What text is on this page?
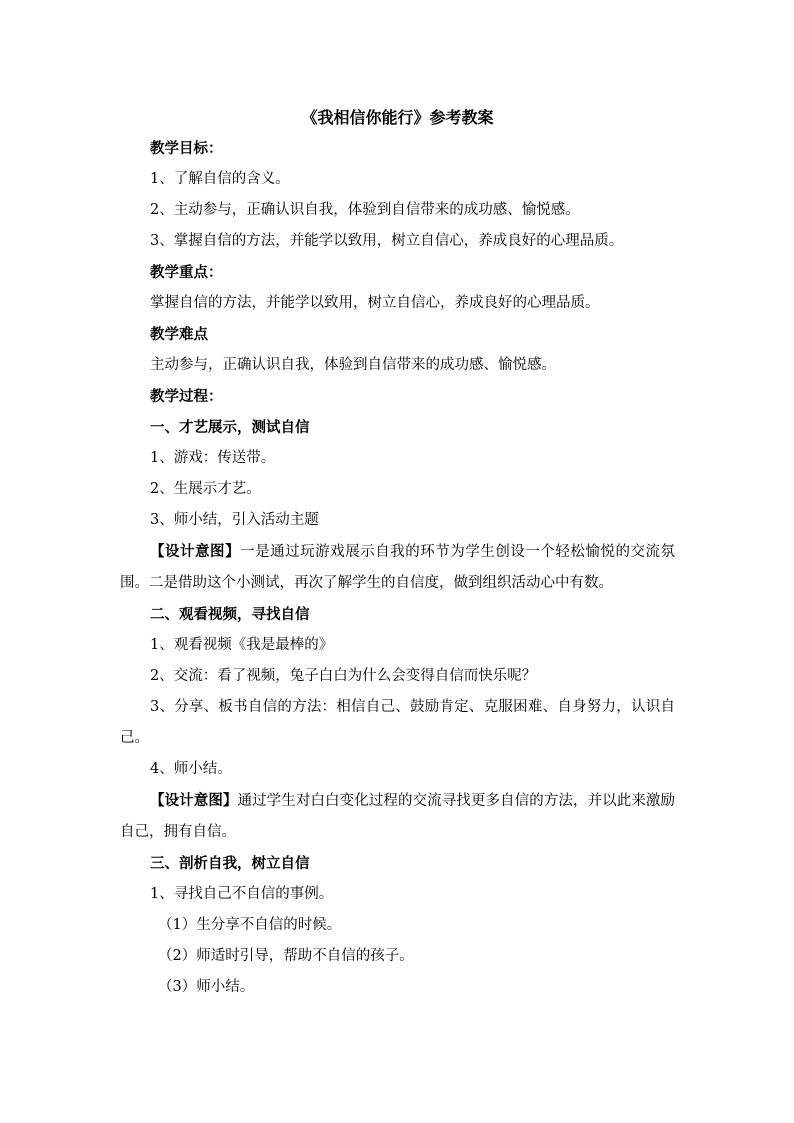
《我相信你能行》参考教案

教学目标：

1、了解自信的含义。

2、主动参与，正确认识自我，体验到自信带来的成功感、愉悦感。

3、掌握自信的方法，并能学以致用，树立自信心，养成良好的心理品质。

教学重点：

掌握自信的方法，并能学以致用，树立自信心，养成良好的心理品质。

教学难点

主动参与，正确认识自我，体验到自信带来的成功感、愉悦感。

教学过程：

一、才艺展示，测试自信

1、游戏：传送带。

2、生展示才艺。

3、师小结，引入活动主题

【设计意图】一是通过玩游戏展示自我的环节为学生创设一个轻松愉悦的交流氛围。二是借助这个小测试，再次了解学生的自信度，做到组织活动心中有数。

二、观看视频，寻找自信

1、观看视频《我是最棒的》

2、交流：看了视频，兔子白白为什么会变得自信而快乐呢？

3、分享、板书自信的方法：相信自己、鼓励肯定、克服困难、自身努力，认识自己。

4、师小结。

【设计意图】通过学生对白白变化过程的交流寻找更多自信的方法，并以此来激励自己，拥有自信。

三、剖析自我，树立自信

1、寻找自己不自信的事例。

（1）生分享不自信的时候。

（2）师适时引导，帮助不自信的孩子。

（3）师小结。
